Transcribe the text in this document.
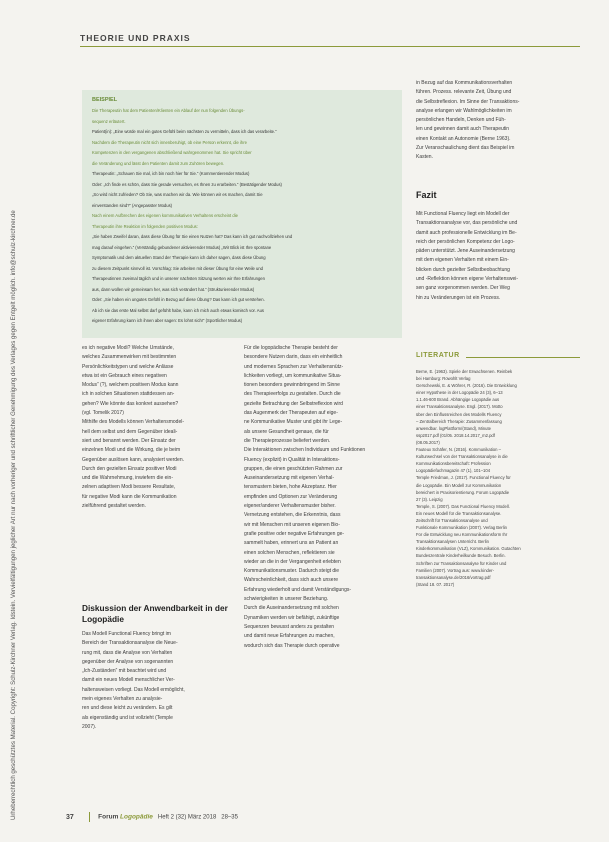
Urheberrechtlich geschütztes Material. Copyright: Schulz-Kirchner Verlag. Idstein. Vervielfältigungen jeglicher Art nur nach vorheriger und schriftlicher Genehmigung des Verlages gegen Entgelt möglich. info@schulz-kirchner.de
THEORIE UND PRAXIS
BEISPIEL
Die Therapeutin hat dem Patienten/Klienten ein Ablauf der nun folgenden Übungs-
sequenz erläutert.
Patient(in): „Eine würde mal ein gutes Gefühl beim nächsten zu vermitteln, dass ich das verarbeite.“
Nachdem die Therapeutin nicht sich innenberuhigt, ob eine Person erkennt, die ihre
Kompetenzen in den vergangenen abschließend wahrgenommen hat. Sie spricht über
die Veränderung und lässt den Patienten damit zum Zuhören bewegen.
Therapeutin: „Schauen Sie mal, ich bin noch hier für Sie.“ (Kommentierender Modus)
Oder: „Ich finde es schön, dass Sie gerade versuchen, es Ihnen zu erarbeiten.“ (Bestätigender Modus)
„So wird nicht zufrieden? Ob Sie, was machen wir da. Wie können wir es machen, damit Sie
einverstanden sind?“ (Angepasster Modus)
Nach einem Aufbrechen des eigenen kommunikativen Verhaltens erscheint die
Therapeutin ihre Reaktion im folgenden positiven Modus:
„Sie haben Zweifel daran, dass diese Übung für Sie einen Nutzen hat? Das kann ich gut nachvollziehen und
mag darauf eingehen.“ (Verständig gebundener aktivierender Modus) „Wir Blick ist Ihre spontane
Symptomatik und dem aktuellen Stand der Therapie kann ich daher sagen, dass diese Übung
zu diesem Zeitpunkt sinnvoll ist. Vorschlag: Sie arbeiten mit dieser Übung für eine Weile und
Therapeutinnen zweimal täglich und in unserer nächsten Sitzung werten wir Ihre Erfahrungen
aus, dann wollen wir gemeinsam her, was sich verändert hat.“ (Strukturierender Modus)
Oder: „Sie haben ein ungutes Gefühl in Bezug auf diese Übung? Das kann ich gut verstehen.
Ab ich sie das erste Mal selbst darf gefühlt habe, kann ich mich auch etwas komisch vor. Aus
eigener Erfahrung kann ich ihnen aber sagen: Es lohnt sich!“ (Sportlicher Modus)
es ich negative Modi? Welche Umstände,
welches Zusammenwirken mit bestimmten
Persönlichkeitstypen und welche Anlässe
etwa ist ein Gebrauch eines negativen
Modus“ (?), welchem positiven Modus kann
ich in solchen Situationen stattdessen an-
gehen? Wie könnte das konkret aussehen?
(vgl. Tomelik 2017)
Mithilfe des Modells können Verhaltensmodel-
hell dem selbst und dem Gegenüber ideali-
siert und benannt werden. Der Einsatz der
einzelnen Modi und die Wirkung, die je beim
Gegenüber auslösen kann, analysiert werden.
Durch den gezielten Einsatz positiver Modi
und die Wahrnehmung, inwiefern die ein-
zelnen adaptiven Modi bessere Resultate,
für negative Modi kann die Kommunikation
zielführend gestaltet werden.
Diskussion der Anwendbarkeit in der Logopädie
Das Modell Functional Fluency bringt im
Bereich der Transaktionsanalyse die Neue-
rung mit, dass die Analyse von Verhalten
gegenüber der Analyse von sogenannten
„Ich-Zuständen“ mit beachtet wird und
damit ein neues Modell menschlicher Ver-
haltensweisen vorliegt. Das Modell ermöglicht,
mein eigenes Verhalten zu analysie-
ren und diese leicht zu verändern. Es gilt
als eigenständig und ist vollzieht (Temple
2007).
Für die logopädische Therapie besteht der
besondere Nutzen darin, dass ein einheitlich
und modernes Sprachen zur Verhaltensnütz-
lichkeiten vorliegt, um kommunikative Situa-
tionen besonders gewinnbringend im Sinne
des Therapieerfolgs zu gestalten. Durch die
gezielte Betrachtung der Selbstreflexion wird
das Augenmerk der Therapeuten auf eige-
ne Kommunikative Muster und gibt ihr Lege-
als unsere Gesundheit genaue, die für
die Therapieprozesse beliefert werden.
Die Interaktionen zwischen Individuum und Funktionen
Fluency (explizit) in Qualität in Interaktions-
gruppen, die einen geschützten Rahmen zur
Auseinandersetzung mit eigenen Verhal-
tensmustern bieten, hohe Akzeptanz. Hier
empfinden und Optionen zur Veränderung
eigener/anderer Verhaltensmuster bisher.
Vernetzung entstehen, die Erkenntnis, dass
wir mit Menschen mit unseren eigenen Bio-
grafie positive oder negative Erfahrungen ge-
sammelt haben, erinnert uns an Patient an
einen solchen Menschen, reflektieren sie
wieder an die in der Vergangenheit erlebten
Kommunikationsmuster. Dadurch steigt die
Wahrscheinlichkeit, dass sich auch unsere
Erfahrung wiederholt und damit Verständigungs-
schwierigkeiten in unserer Beziehung.
Durch die Auseinandersetzung mit solchen
Dynamiken werden wir befähigt, zukünftige
Sequenzen bewusst anders zu gestalten
und damit neue Erfahrungen zu machen,
wodurch sich das Therapie durch operative
in Bezug auf das Kommunikationsverhalten
führen. Prozess. relevante Zeit, Übung und
die Selbstreflexion. Im Sinne der Transaktions-
analyse erlangen wir Wahlmöglichkeiten im
persönlichen Handeln, Denken und Füh-
len und gewinnen damit auch Therapeutin
einen Kontakt an Autonomie (Berne 1963).
Zur Veranschaulichung dient das Beispiel im
Kasten.
Fazit
Mit Functional Fluency liegt ein Modell der
Transaktionsanalyse vor, das persönliche und
damit auch professionelle Entwicklung im Be-
reich der persönlichen Kompetenz der Logo-
päden unterstützt. Jene Auseinandersetzung
mit dem eigenen Verhalten mit einem Ein-
blicken durch gezielter Selbstbeobachtung
und -Reflektion können eigene Verhaltenswei-
sen ganz vorgenommen werden. Der Weg
hin zu Veränderungen ist ein Prozess.
LITERATUR
Berne, E. (1963). Spiele der Erwachsenen. Reinbek
bei Hamburg: Rowohlt Verlag
Gerschewski, E. & Wöhrer, R. (2016). Die Entwicklung
einer Hypothese in der Logopädie 24 (3), 6–13
1.1.46-600 Brand. Abhängige Logopädie aus
einer Transaktionsanalyse. Engl. (2017). Motto
über den Einflussreichen des Modells Fluency
– Zentralbereich Therapie: Zusammenfassung
anwendbar. logPlattform/(Stand), Minute
ssp2017.pdf (01/05. 2018.14.2017_m2.pdf
(08.05.2017)
Fauteux Schäfer, N. (2016). Kommunikation –
Kulturwechsel von der Transaktionsanalyse in die
Kommunikationsbereitschaft: Profession
Logopädiefachmagazin 47 (1), 101–104
Temple Friedman, J. (2017). Functional Fluency für
die Logopädie. Ein Modell zur Kommunikation
bereichert in Praxisorientierung. Forum Logopädie
27 (3). Leipzig
Temple, S. (2007). Das Functional Fluency Modell.
Ein neues Modell für die Transaktionsanalyse.
Zeitschrift für Transaktionsanalyse und
Funktionale Kommunikation (2007). Verlag Berlin
For die Entwicklung neu Kommunikationsform Ihr
Transaktionsanalysen Unterricht. Berlin
Kinderkommunikation (VLZ), Kommunikation. Gutachten
Bundeszentrale Kinderheilkunde Besuch. Berlin.
Schriften zur Transaktionsanalyse für Kinder und
Familien (2007). Vortrag aus: www.kinder-
transaktionsanalyse.de/2016/vortrag.pdf
(Stand 18. 07. 2017)
37	Forum Logopädie Heft 2 (32) März 2018 28–35
